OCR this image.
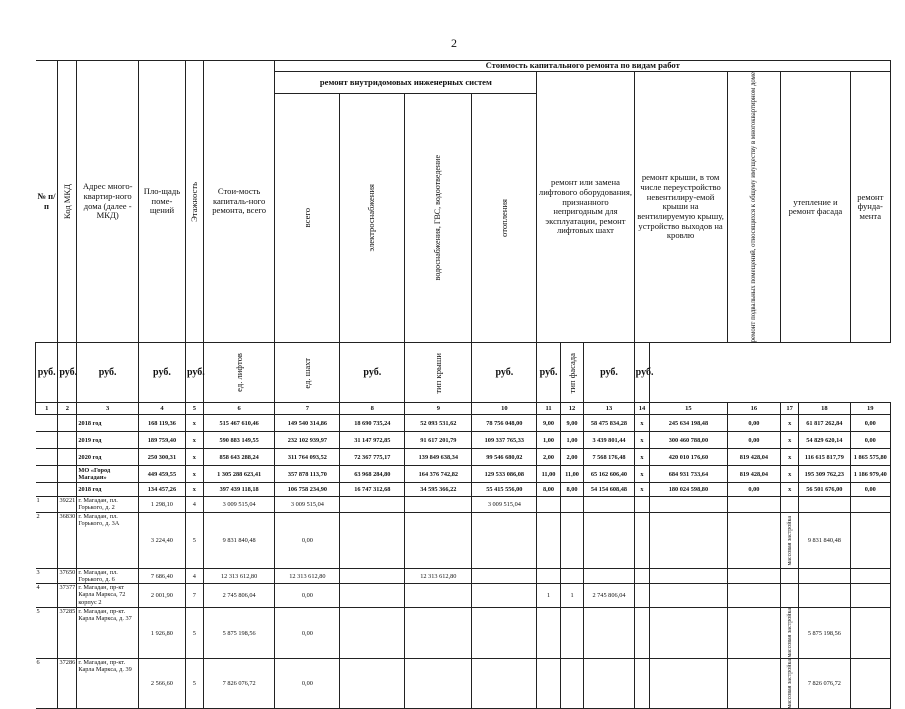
2
№ п/п	Код МКД	Адрес много-квартир-ного дома (далее - МКД)	Пло-щадь поме-щений	Этажность	Стои-мость капиталь-ного ремонта, всего	Стоимость капитального ремонта по видам работ												
						ремонт внутридомовых инженерных систем				ремонт или замена лифтового оборудования, признанного непригодным для эксплуатации, ремонт лифтовых шахт			ремонт крыши, в том числе переустройство невентилиру-емой крыши на вентилируемую крышу, устройство выходов на кровлю		ремонт подвальных помещений, относящихся к общему имуществу в многоквартирном доме	утепление и ремонт фасада		ремонт фунда-мента

						всего	электроснабжения	водоснабжения, ГВС, водоотведение	отопления									

руб.	руб.	руб.	руб.	руб.	ед. лифтов	ед. шахт	руб.	тип крыши	руб.	руб.	тип фасада	руб.	руб.					
1	2	3	4	5	6	7	8	9	10	11	12	13	14	15	16	17	18	19
		2018 год	168 119,36	x	515 467 610,46	149 540 314,86	18 690 735,24	52 093 531,62	78 756 048,00	9,00	9,00	58 475 834,28	x	245 634 198,48	0,00	x	61 817 262,84	0,00
		2019 год	189 759,40	x	590 883 149,55	232 102 939,97	31 147 972,85	91 617 201,79	109 337 765,33	1,00	1,00	3 439 801,44	x	300 460 788,00	0,00	x	54 829 620,14	0,00
		2020 год	250 300,31	x	858 643 288,24	311 764 093,52	72 367 775,17	139 849 638,34	99 546 680,02	2,00	2,00	7 568 176,48	x	420 010 176,60	819 428,04	x	116 615 817,79	1 865 575,80
		МО «Город Магадан»	449 459,55	x	1 305 288 623,41	357 878 113,70	63 968 284,80	164 376 742,82	129 533 086,08	11,00	11,00	65 162 606,40	x	684 931 733,64	819 428,04	x	195 309 762,23	1 186 979,40
		2018 год	134 457,26	x	397 439 118,18	106 758 234,90	16 747 312,68	34 595 366,22	55 415 556,00	8,00	8,00	54 154 608,48	x	180 024 598,80	0,00	x	56 501 676,00	0,00
1	39221	г. Магадан, пл. Горького, д. 2	1 298,10	4	3 009 515,04	3 009 515,04			3 009 515,04									
2	36830	г. Магадан, пл. Горького, д. 3А	3 224,40	5	9 831 840,48	0,00										массовая застройка	9 831 840,48	
3	37650	г. Магадан, пл. Горького, д. 6	7 686,40	4	12 313 612,80	12 313 612,80		12 313 612,80										
4	37377	г. Магадан, пр-кт Карла Маркса, 72 корпус 2	2 001,90	7	2 745 806,04	0,00				1	1	2 745 806,04						
5	37285	г. Магадан, пр-кт. Карла Маркса, д. 37	1 926,80	5	5 875 198,56	0,00										массовая застройка	5 875 198,56	
6	37286	г. Магадан, пр-кт. Карла Маркса, д. 39	2 566,60	5	7 826 076,72	0,00										массовая застройка	7 826 076,72	
